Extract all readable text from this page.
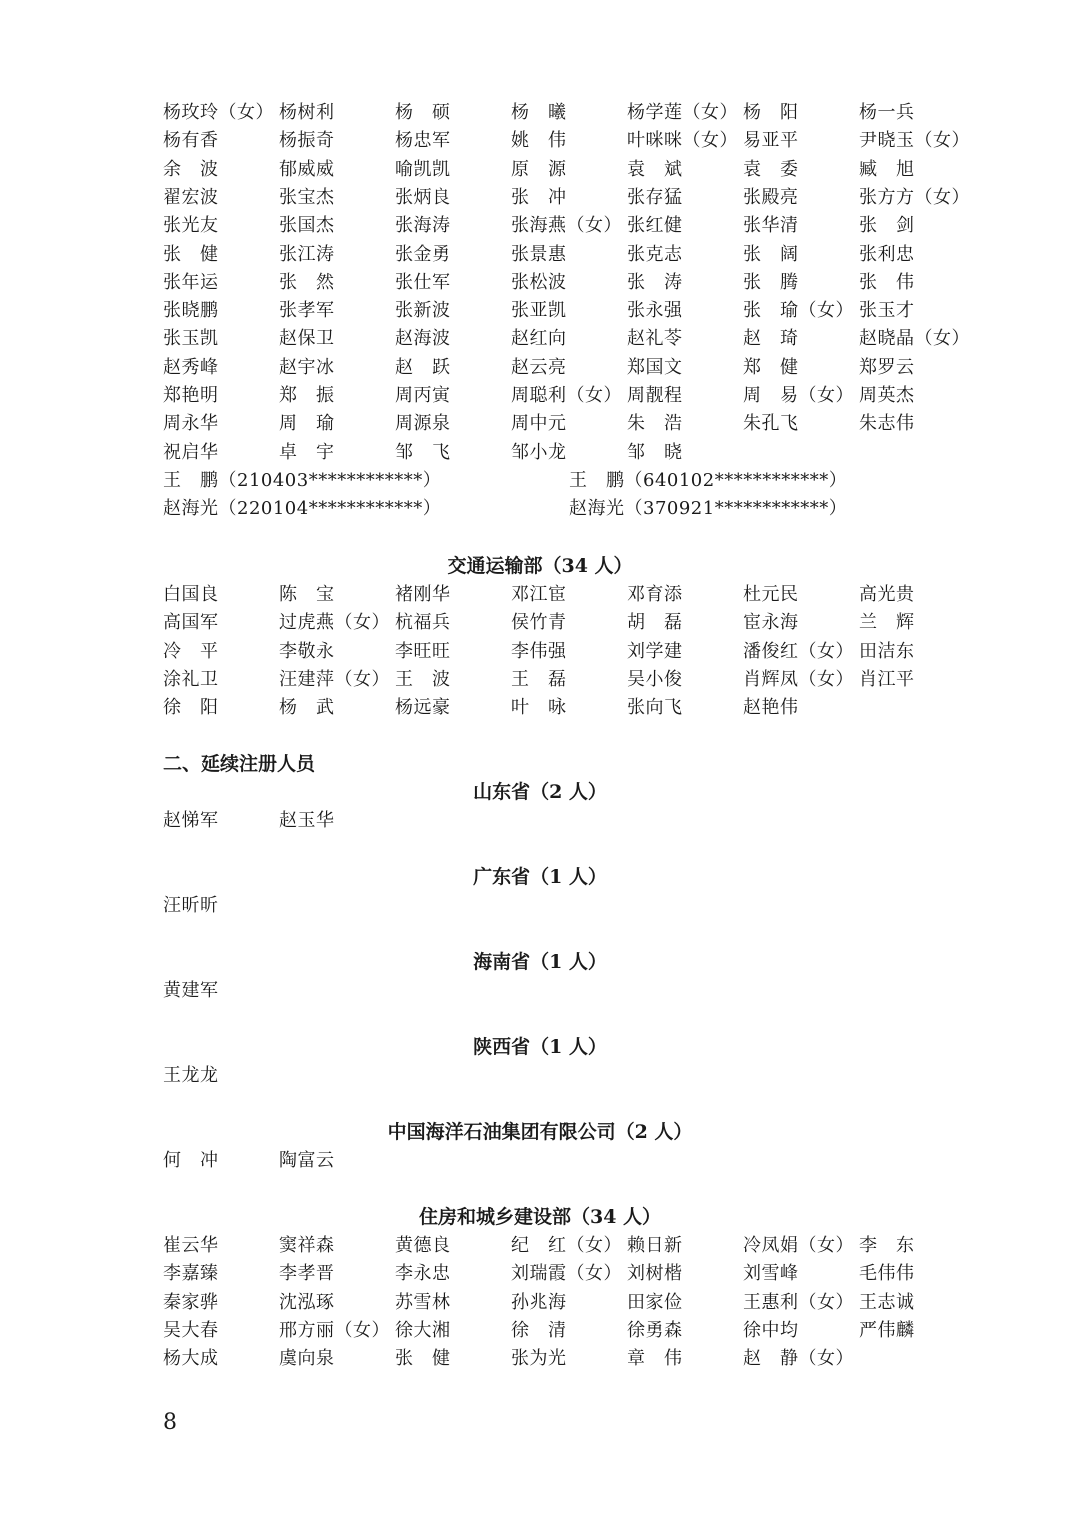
杨玫玲（女） 杨树利	杨　硕	杨　曦	杨学莲（女） 杨　阳	杨一兵
杨有香	杨振奇	杨忠军	姚　伟	叶咪咪（女） 易亚平	尹晓玉（女）
余　波	郁威威	喻凯凯	原　源	袁　斌	袁　委	臧　旭
翟宏波	张宝杰	张炳良	张　冲	张存猛	张殿亮	张方方（女）
张光友	张国杰	张海涛	张海燕（女） 张红健	张华清	张　剑
张　健	张江涛	张金勇	张景惠	张克志	张　阔	张利忠
张年运	张　然	张仕军	张松波	张　涛	张　腾	张　伟
张晓鹏	张孝军	张新波	张亚凯	张永强	张　瑜（女） 张玉才
张玉凯	赵保卫	赵海波	赵红向	赵礼苓	赵　琦	赵晓晶（女）
赵秀峰	赵宇冰	赵　跃	赵云亮	郑国文	郑　健	郑罗云
郑艳明	郑　振	周丙寅	周聪利（女） 周靓程	周　易（女） 周英杰
周永华	周　瑜	周源泉	周中元	朱　浩	朱孔飞	朱志伟
祝启华	卓　宇	邹　飞	邹小龙	邹　晓
王　鹏（210403************）	王　鹏（640102************）
赵海光（220104************）	赵海光（370921************）
交通运输部（34 人）
白国良	陈　宝	褚刚华	邓江宦	邓育添	杜元民	高光贵
高国军	过虎燕（女） 杭福兵	侯竹青	胡　磊	宦永海	兰　辉
冷　平	李敬永	李旺旺	李伟强	刘学建	潘俊红（女） 田洁东
涂礼卫	汪建萍（女） 王　波	王　磊	吴小俊	肖辉凤（女） 肖江平
徐　阳	杨　武	杨远豪	叶　咏	张向飞	赵艳伟
二、延续注册人员
山东省（2 人）
赵悌军	赵玉华
广东省（1 人）
汪昕昕
海南省（1 人）
黄建军
陕西省（1 人）
王龙龙
中国海洋石油集团有限公司（2 人）
何　冲	陶富云
住房和城乡建设部（34 人）
崔云华	窦祥森	黄德良	纪　红（女） 赖日新	冷凤娟（女） 李　东
李嘉臻	李孝晋	李永忠	刘瑞霞（女） 刘树楷	刘雪峰	毛伟伟
秦家骅	沈泓琢	苏雪林	孙兆海	田家俭	王惠利（女） 王志诚
吴大春	邢方丽（女） 徐大湘	徐　清	徐勇森	徐中均	严伟麟
杨大成	虞向泉	张　健	张为光	章　伟	赵　静（女）
8
